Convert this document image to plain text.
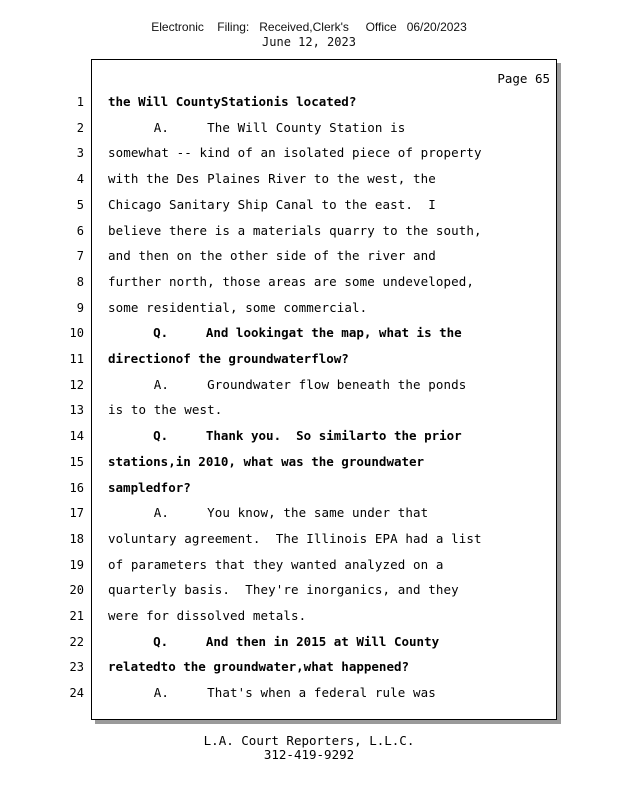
Electronic    Filing:   Received,Clerk's     Office   06/20/2023
June 12, 2023
Page 65
1 the Will CountyStationis located?
2 A.     The Will County Station is
3 somewhat -- kind of an isolated piece of property
4 with the Des Plaines River to the west, the
5 Chicago Sanitary Ship Canal to the east.  I
6 believe there is a materials quarry to the south,
7 and then on the other side of the river and
8 further north, those areas are some undeveloped,
9 some residential, some commercial.
10 Q.     And lookingat the map, what is the
11 directionof the groundwaterflow?
12 A.     Groundwater flow beneath the ponds
13 is to the west.
14 Q.     Thank you.  So similarto the prior
15 stations,in 2010, what was the groundwater
16 sampledfor?
17 A.     You know, the same under that
18 voluntary agreement.  The Illinois EPA had a list
19 of parameters that they wanted analyzed on a
20 quarterly basis.  They're inorganics, and they
21 were for dissolved metals.
22 Q.     And then in 2015 at Will County
23 relatedto the groundwater,what happened?
24 A.     That's when a federal rule was
L.A. Court Reporters, L.L.C.
312-419-9292
